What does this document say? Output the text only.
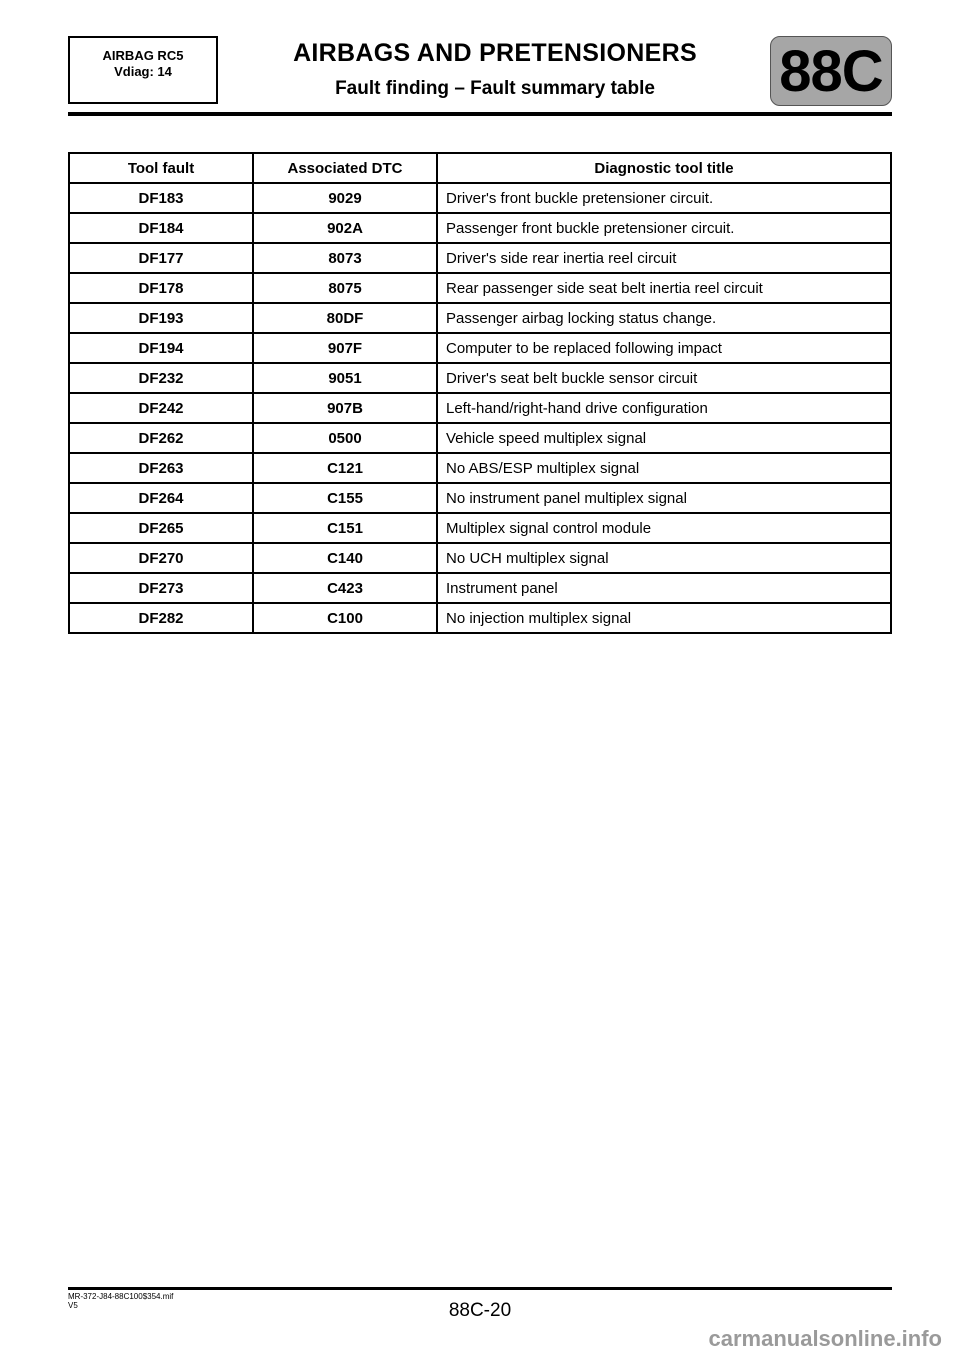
AIRBAG RC5
Vdiag: 14
AIRBAGS AND PRETENSIONERS
Fault finding – Fault summary table	88C
Tool fault	Associated DTC	Diagnostic tool title
DF183	9029	Driver's front buckle pretensioner circuit.
DF184	902A	Passenger front buckle pretensioner circuit.
DF177	8073	Driver's side rear inertia reel circuit
DF178	8075	Rear passenger side seat belt inertia reel circuit
DF193	80DF	Passenger airbag locking status change.
DF194	907F	Computer to be replaced following impact
DF232	9051	Driver's seat belt buckle sensor circuit
DF242	907B	Left-hand/right-hand drive configuration
DF262	0500	Vehicle speed multiplex signal
DF263	C121	No ABS/ESP multiplex signal
DF264	C155	No instrument panel multiplex signal
DF265	C151	Multiplex signal control module
DF270	C140	No UCH multiplex signal
DF273	C423	Instrument panel
DF282	C100	No injection multiplex signal
MR-372-J84-88C100$354.mif
V5	88C-20
carmanualsonline.info
